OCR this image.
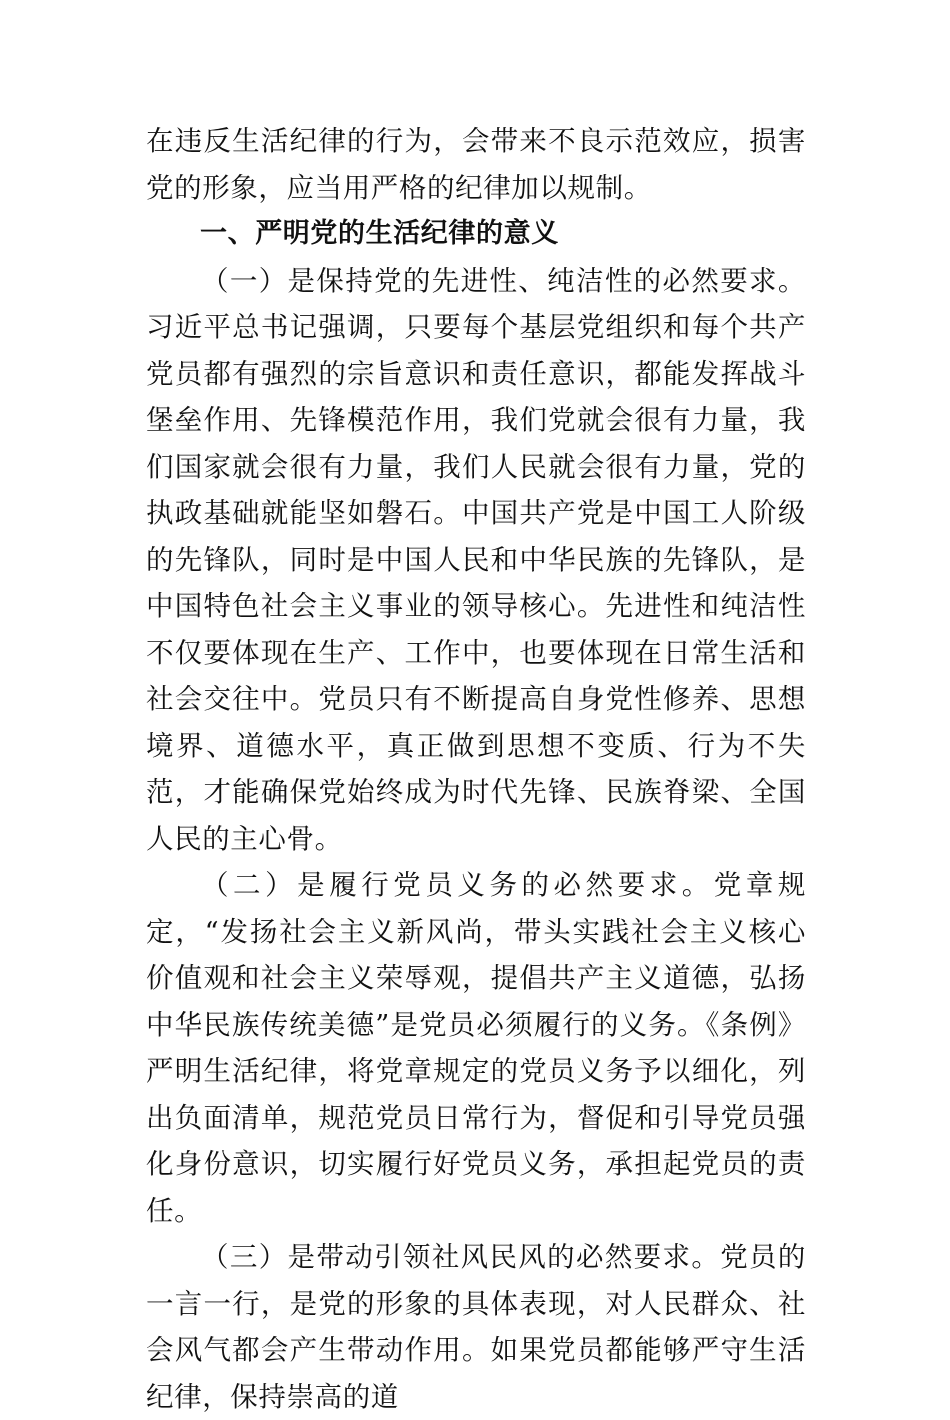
在违反生活纪律的行为，会带来不良示范效应，损害党的形象，应当用严格的纪律加以规制。

一、严明党的生活纪律的意义

（一）是保持党的先进性、纯洁性的必然要求。习近平总书记强调，只要每个基层党组织和每个共产党员都有强烈的宗旨意识和责任意识，都能发挥战斗堡垒作用、先锋模范作用，我们党就会很有力量，我们国家就会很有力量，我们人民就会很有力量，党的执政基础就能坚如磐石。中国共产党是中国工人阶级的先锋队，同时是中国人民和中华民族的先锋队，是中国特色社会主义事业的领导核心。先进性和纯洁性不仅要体现在生产、工作中，也要体现在日常生活和社会交往中。党员只有不断提高自身党性修养、思想境界、道德水平，真正做到思想不变质、行为不失范，才能确保党始终成为时代先锋、民族脊梁、全国人民的主心骨。

（二）是履行党员义务的必然要求。党章规定，“发扬社会主义新风尚，带头实践社会主义核心价值观和社会主义荣辱观，提倡共产主义道德，弘扬中华民族传统美德”是党员必须履行的义务。《条例》严明生活纪律，将党章规定的党员义务予以细化，列出负面清单，规范党员日常行为，督促和引导党员强化身份意识，切实履行好党员义务，承担起党员的责任。

（三）是带动引领社风民风的必然要求。党员的一言一行，是党的形象的具体表现，对人民群众、社会风气都会产生带动作用。如果党员都能够严守生活纪律，保持崇高的道
